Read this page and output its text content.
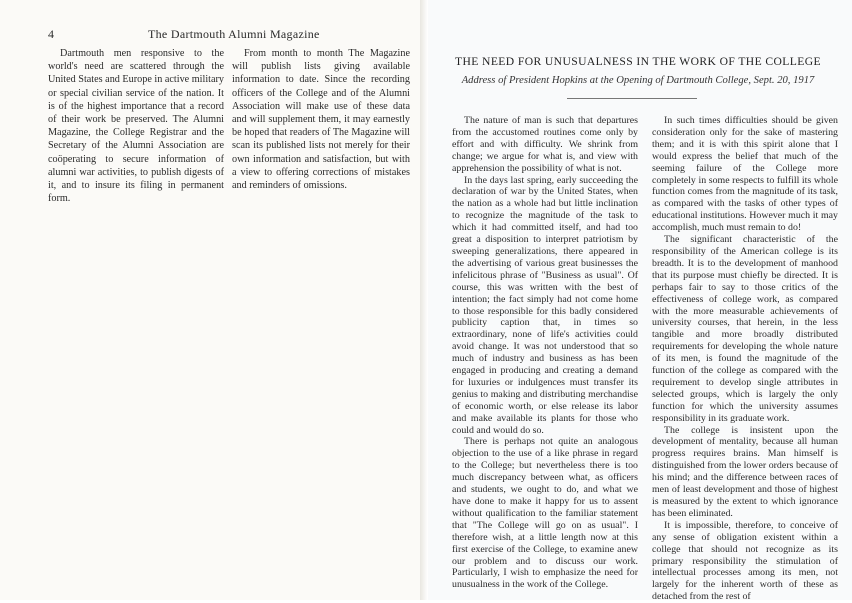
4	The Dartmouth Alumni Magazine

Dartmouth men responsive to the world's need are scattered through the United States and Europe in active military or special civilian service of the nation. It is of the highest importance that a record of their work be preserved. The Alumni Magazine, the College Registrar and the Secretary of the Alumni Association are coöperating to secure information of alumni war activities, to publish digests of it, and to insure its filing in permanent form.

From month to month The Magazine will publish lists giving available information to date. Since the recording officers of the College and of the Alumni Association will make use of these data and will supplement them, it may earnestly be hoped that readers of The Magazine will scan its published lists not merely for their own information and satisfaction, but with a view to offering corrections of mistakes and reminders of omissions.

THE NEED FOR UNUSUALNESS IN THE WORK OF THE COLLEGE
Address of President Hopkins at the Opening of Dartmouth College, Sept. 20, 1917

The nature of man is such that departures from the accustomed routines come only by effort and with difficulty. We shrink from change; we argue for what is, and view with apprehension the possibility of what is not.

In the days last spring, early succeeding the declaration of war by the United States, when the nation as a whole had but little inclination to recognize the magnitude of the task to which it had committed itself, and had too great a disposition to interpret patriotism by sweeping generalizations, there appeared in the advertising of various great businesses the infelicitous phrase of "Business as usual". Of course, this was written with the best of intention; the fact simply had not come home to those responsible for this badly considered publicity caption that, in times so extraordinary, none of life's activities could avoid change. It was not understood that so much of industry and business as has been engaged in producing and creating a demand for luxuries or indulgences must transfer its genius to making and distributing merchandise of economic worth, or else release its labor and make available its plants for those who could and would do so.

There is perhaps not quite an analogous objection to the use of a like phrase in regard to the College; but nevertheless there is too much discrepancy between what, as officers and students, we ought to do, and what we have done to make it happy for us to assent without qualification to the familiar statement that "The College will go on as usual". I therefore wish, at a little length now at this first exercise of the College, to examine anew our problem and to discuss our work. Particularly, I wish to emphasize the need for unusualness in the work of the College.

In such times difficulties should be given consideration only for the sake of mastering them; and it is with this spirit alone that I would express the belief that much of the seeming failure of the College more completely in some respects to fulfill its whole function comes from the magnitude of its task, as compared with the tasks of other types of educational institutions. However much it may accomplish, much must remain to do!

The significant characteristic of the responsibility of the American college is its breadth. It is to the development of manhood that its purpose must chiefly be directed. It is perhaps fair to say to those critics of the effectiveness of college work, as compared with the more measurable achievements of university courses, that herein, in the less tangible and more broadly distributed requirements for developing the whole nature of its men, is found the magnitude of the function of the college as compared with the requirement to develop single attributes in selected groups, which is largely the only function for which the university assumes responsibility in its graduate work.

The college is insistent upon the development of mentality, because all human progress requires brains. Man himself is distinguished from the lower orders because of his mind; and the difference between races of men of least development and those of highest is measured by the extent to which ignorance has been eliminated.

It is impossible, therefore, to conceive of any sense of obligation existent within a college that should not recognize as its primary responsibility the stimulation of intellectual processes among its men, not largely for the inherent worth of these as detached from the rest of
